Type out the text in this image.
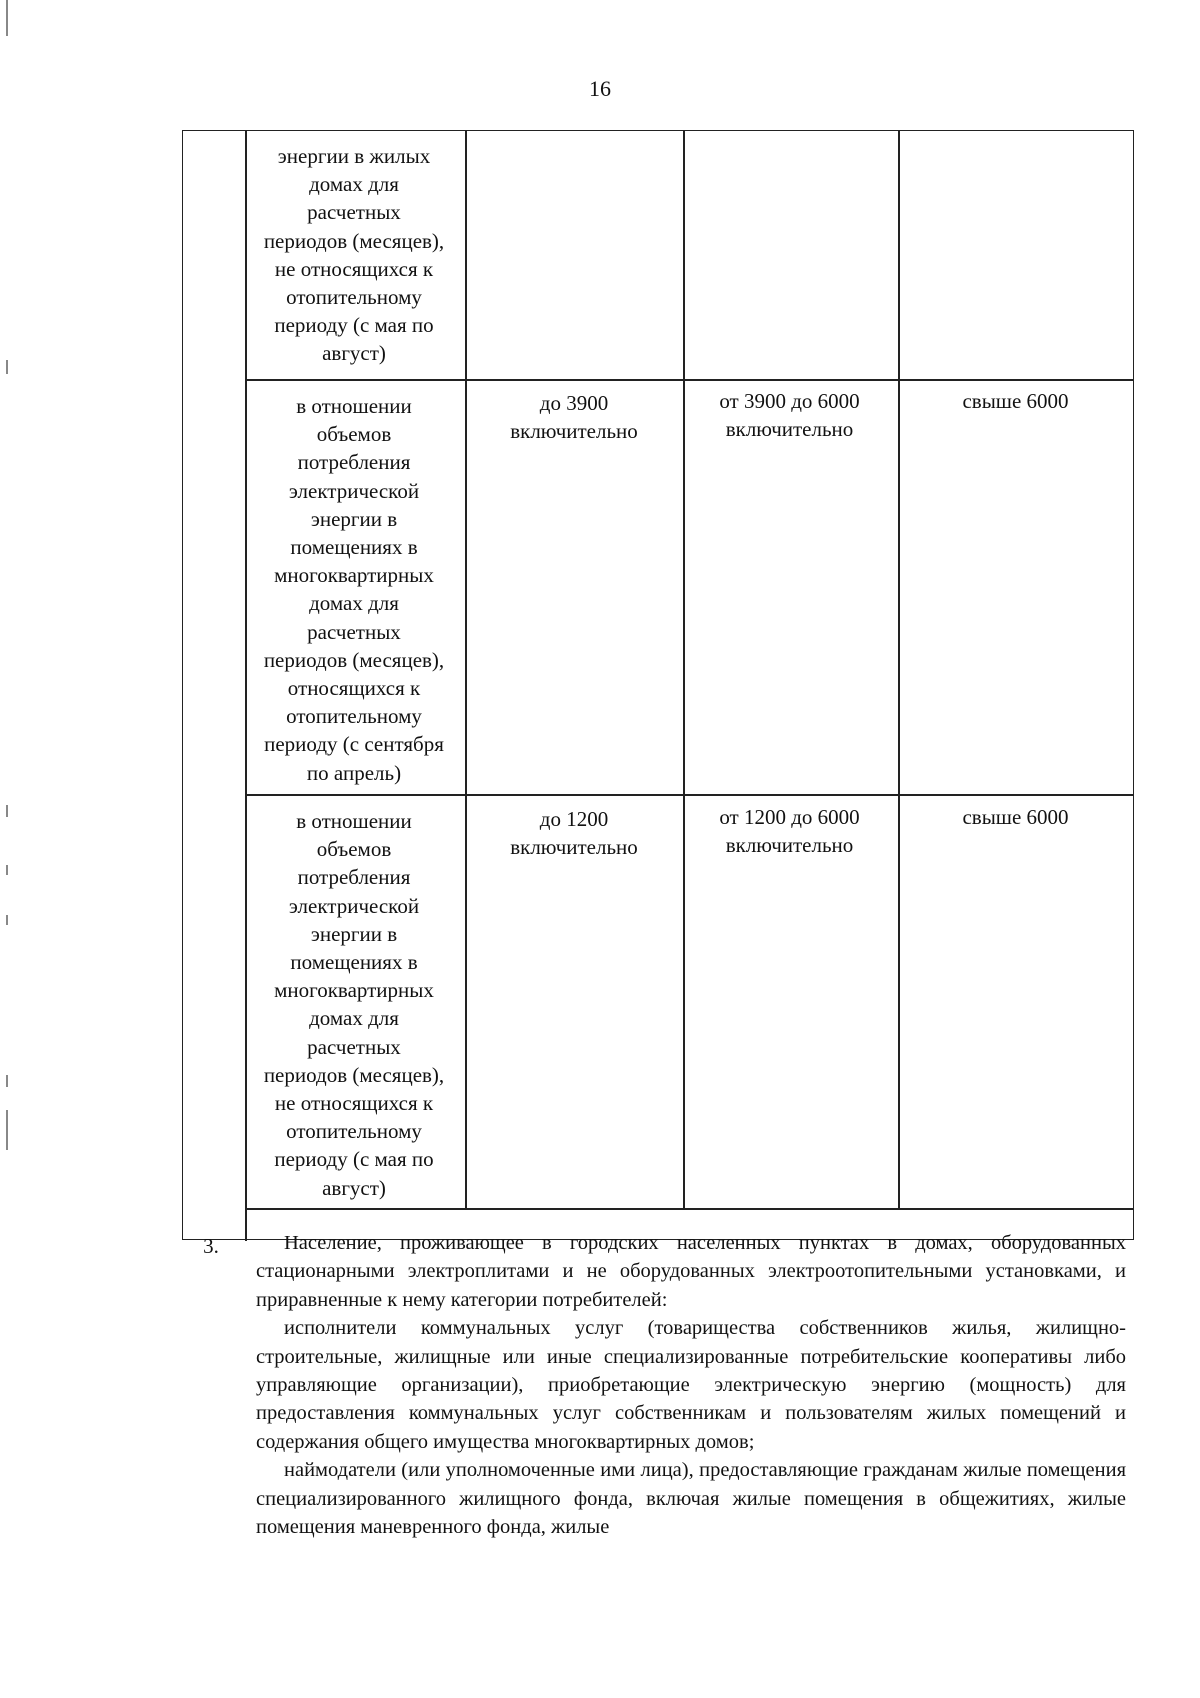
16
энергии в жилых
домах для
расчетных
периодов (месяцев),
не относящихся к
отопительному
периоду (с мая по
август)
в отношении
объемов
потребления
электрической
энергии в
помещениях в
многоквартирных
домах для
расчетных
периодов (месяцев),
относящихся к
отопительному
периоду (с сентября
по апрель)
до 3900
включительно
от 3900 до 6000
включительно
свыше 6000
в отношении
объемов
потребления
электрической
энергии в
помещениях в
многоквартирных
домах для
расчетных
периодов (месяцев),
не относящихся к
отопительному
периоду (с мая по
август)
до 1200
включительно
от 1200 до 6000
включительно
свыше 6000
3.	Население, проживающее в городских населенных пунктах в домах, оборудованных стационарными электроплитами и не оборудованных электроотопительными установками, и приравненные к нему категории потребителей:
исполнители коммунальных услуг (товарищества собственников жилья, жилищно-строительные, жилищные или иные специализированные потребительские кооперативы либо управляющие организации), приобретающие электрическую энергию (мощность) для предоставления коммунальных услуг собственникам и пользователям жилых помещений и содержания общего имущества многоквартирных домов;
наймодатели (или уполномоченные ими лица), предоставляющие гражданам жилые помещения специализированного жилищного фонда, включая жилые помещения в общежитиях, жилые помещения маневренного фонда, жилые
